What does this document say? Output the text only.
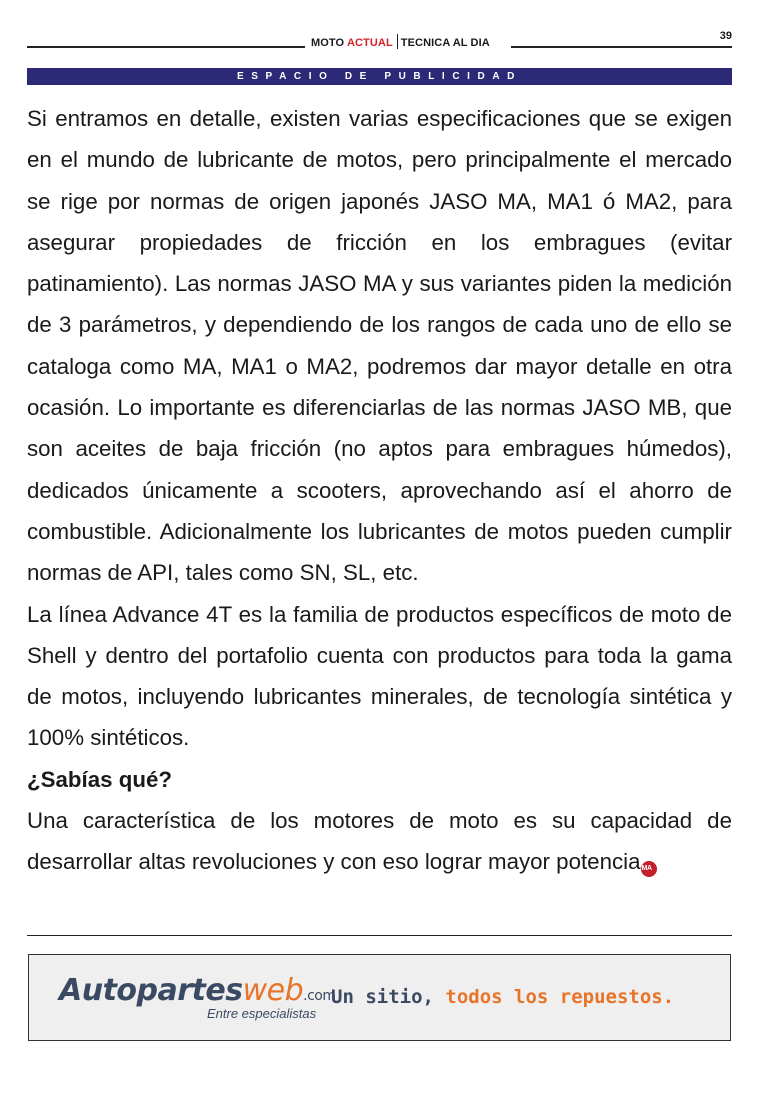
MOTO ACTUAL TECNICA AL DIA
39
ESPACIO DE PUBLICIDAD

Si entramos en detalle, existen varias especificaciones que se exigen en el mundo de lubricante de motos, pero principalmente el mercado se rige por normas de origen japonés JASO MA, MA1 ó MA2, para asegurar propiedades de fricción en los embragues (evitar patinamiento). Las normas JASO MA y sus variantes piden la medición de 3 parámetros, y dependiendo de los rangos de cada uno de ello se cataloga como MA, MA1 o MA2, podremos dar mayor detalle en otra ocasión. Lo importante es diferenciarlas de las normas JASO MB, que son aceites de baja fricción (no aptos para embragues húmedos), dedicados únicamente a scooters, aprovechando así el ahorro de combustible. Adicionalmente los lubricantes de motos pueden cumplir normas de API, tales como SN, SL, etc.

La línea Advance 4T es la familia de productos específicos de moto de Shell y dentro del portafolio cuenta con productos para toda la gama de motos, incluyendo lubricantes minerales, de tecnología sintética y 100% sintéticos.

¿Sabías qué?

Una característica de los motores de moto es su capacidad de desarrollar altas revoluciones y con eso lograr mayor potenciaMA

Autopartesweb.com
Entre especialistas
Un sitio, todos los repuestos.
